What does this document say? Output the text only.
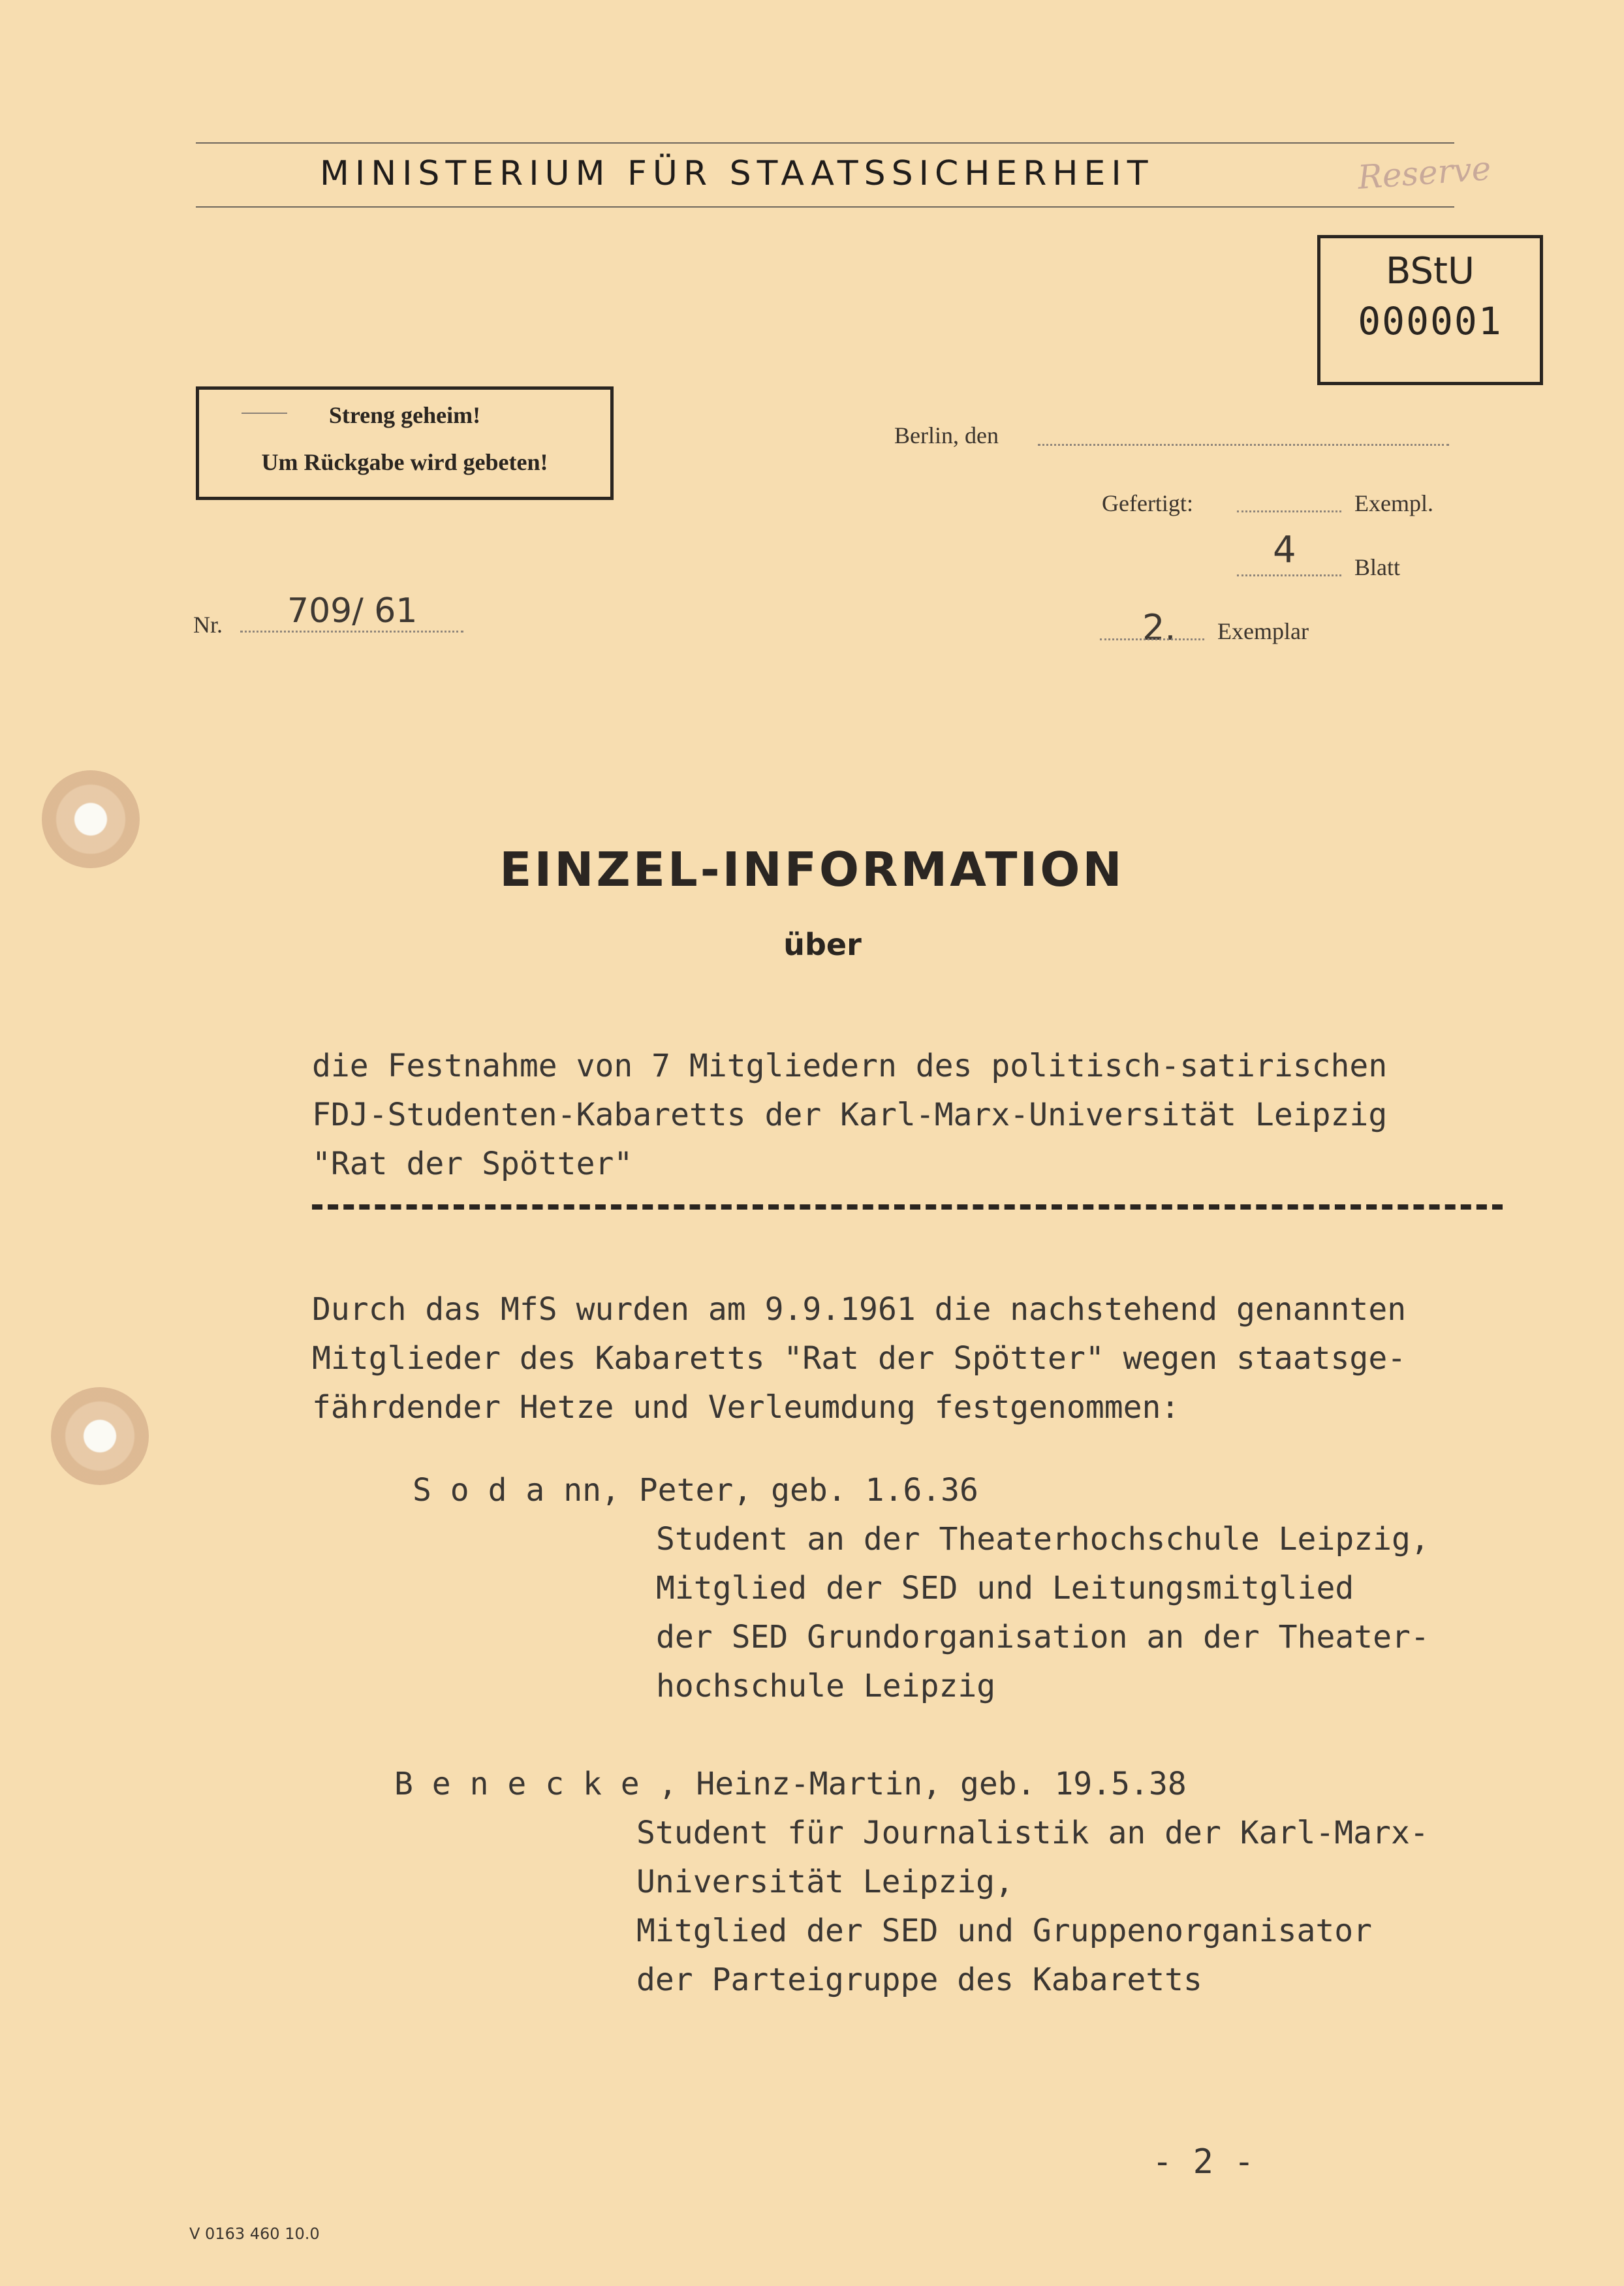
MINISTERIUM FÜR STAATSSICHERHEIT	Reserve
BStU
000001
Streng geheim!
Um Rückgabe wird gebeten!
Berlin, den
Gefertigt:	Exempl.
4 Blatt
2. Exemplar
Nr. 709/ 61
EINZEL-INFORMATION
über
die Festnahme von 7 Mitgliedern des politisch-satirischen
FDJ-Studenten-Kabaretts der Karl-Marx-Universität Leipzig
"Rat der Spötter"
Durch das MfS wurden am 9.9.1961 die nachstehend genannten
Mitglieder des Kabaretts "Rat der Spötter" wegen staatsge-
fährdender Hetze und Verleumdung festgenommen:
S o d a nn, Peter, geb. 1.6.36
Student an der Theaterhochschule Leipzig,
Mitglied der SED und Leitungsmitglied
der SED Grundorganisation an der Theater-
hochschule Leipzig
B e n e c k e , Heinz-Martin, geb. 19.5.38
Student für Journalistik an der Karl-Marx-
Universität Leipzig,
Mitglied der SED und Gruppenorganisator
der Parteigruppe des Kabaretts
- 2 -
V 0163 460 10.0
